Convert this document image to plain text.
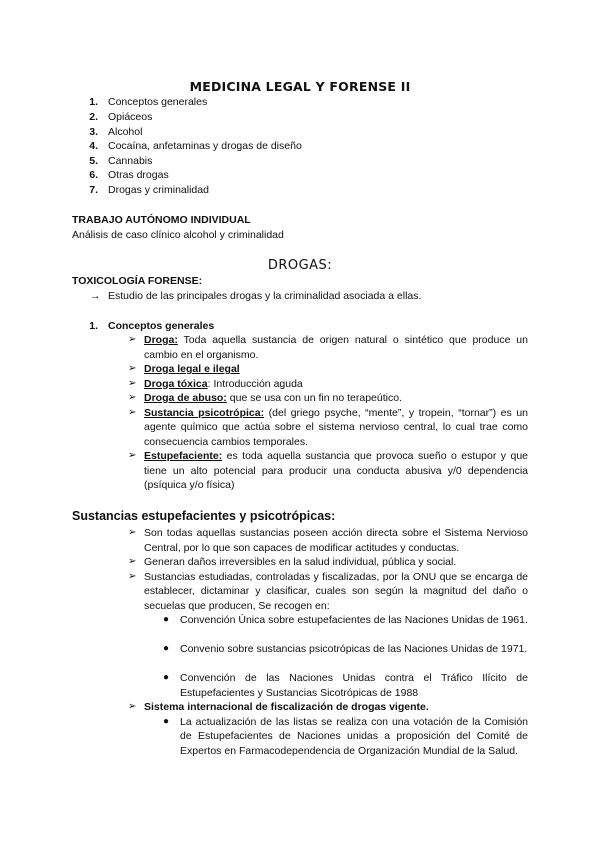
MEDICINA LEGAL Y FORENSE II
1. Conceptos generales
2. Opiáceos
3. Alcohol
4. Cocaína, anfetaminas y drogas de diseño
5. Cannabis
6. Otras drogas
7. Drogas y criminalidad
TRABAJO AUTÓNOMO INDIVIDUAL
Análisis de caso clínico alcohol y criminalidad
DROGAS:
TOXICOLOGÍA FORENSE:
→ Estudio de las principales drogas y la criminalidad asociada a ellas.
1. Conceptos generales
➢ Droga: Toda aquella sustancia de origen natural o sintético que produce un cambio en el organismo.
➢ Droga legal e ilegal
➢ Droga tóxica: Introducción aguda
➢ Droga de abuso: que se usa con un fin no terapeútico.
➢ Sustancia psicotrópica: (del griego psyche, “mente”, y tropein, “tornar”) es un agente químico que actúa sobre el sistema nervioso central, lo cual trae como consecuencia cambios temporales.
➢ Estupefaciente: es toda aquella sustancia que provoca sueño o estupor y que tiene un alto potencial para producir una conducta abusiva y/0 dependencia (psíquica y/o física)
Sustancias estupefacientes y psicotrópicas:
➢ Son todas aquellas sustancias poseen acción directa sobre el Sistema Nervioso Central, por lo que son capaces de modificar actitudes y conductas.
➢ Generan daños irreversibles en la salud individual, pública y social.
➢ Sustancias estudiadas, controladas y fiscalizadas, por la ONU que se encarga de establecer, dictaminar y clasificar, cuales son según la magnitud del daño o secuelas que producen, Se recogen en:
● Convención Única sobre estupefacientes de las Naciones Unidas de 1961.
● Convenio sobre sustancias psicotrópicas de las Naciones Unidas de 1971.
● Convención de las Naciones Unidas contra el Tráfico Ilícito de Estupefacientes y Sustancias Sicotrópicas de 1988
➢ Sistema internacional de fiscalización de drogas vigente.
● La actualización de las listas se realiza con una votación de la Comisión de Estupefacientes de Naciones unidas a proposición del Comité de Expertos en Farmacodependencia de Organización Mundial de la Salud.
